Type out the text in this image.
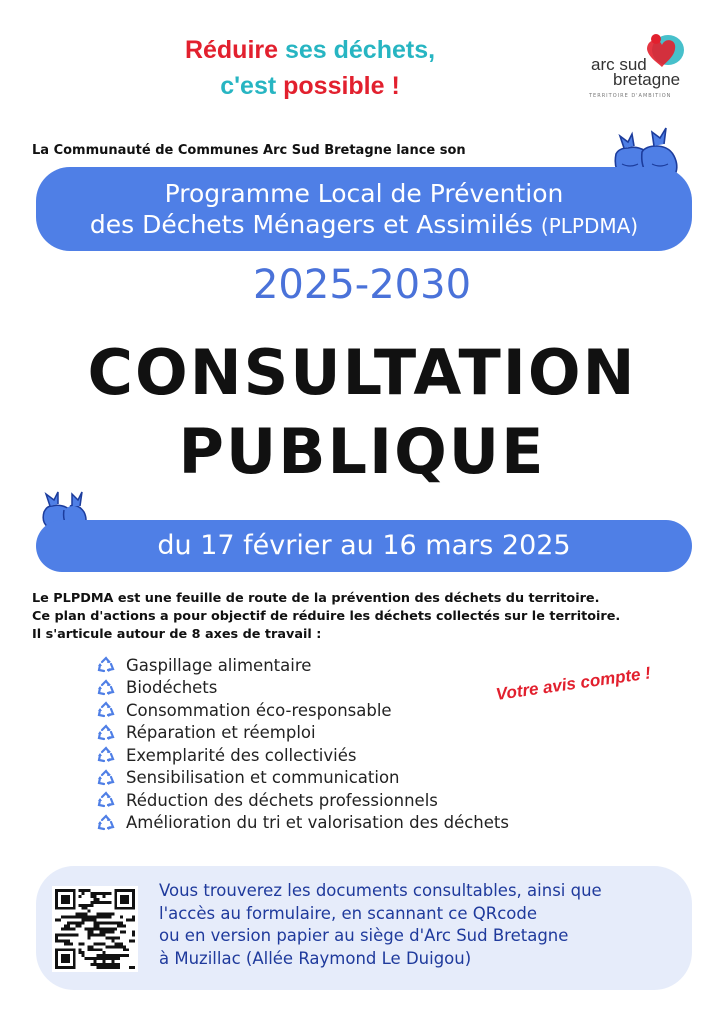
Réduire ses déchets,
c'est possible !
arc sud
bretagne
TERRITOIRE D'AMBITION
La Communauté de Communes Arc Sud Bretagne lance son
Programme Local de Prévention
des Déchets Ménagers et Assimilés (PLPDMA)
2025-2030
CONSULTATION
PUBLIQUE
du 17 février au 16 mars 2025
Le PLPDMA est une feuille de route de la prévention des déchets du territoire.
Ce plan d'actions a pour objectif de réduire les déchets collectés sur le territoire.
Il s'articule autour de 8 axes de travail :
Gaspillage alimentaire
Biodéchets
Consommation éco-responsable
Réparation et réemploi
Exemplarité des collectiviés
Sensibilisation et communication
Réduction des déchets professionnels
Amélioration du tri et valorisation des déchets
Votre avis compte !
Vous trouverez les documents consultables, ainsi que
l'accès au formulaire, en scannant ce QRcode
ou en version papier au siège d'Arc Sud Bretagne
à Muzillac (Allée Raymond Le Duigou)
